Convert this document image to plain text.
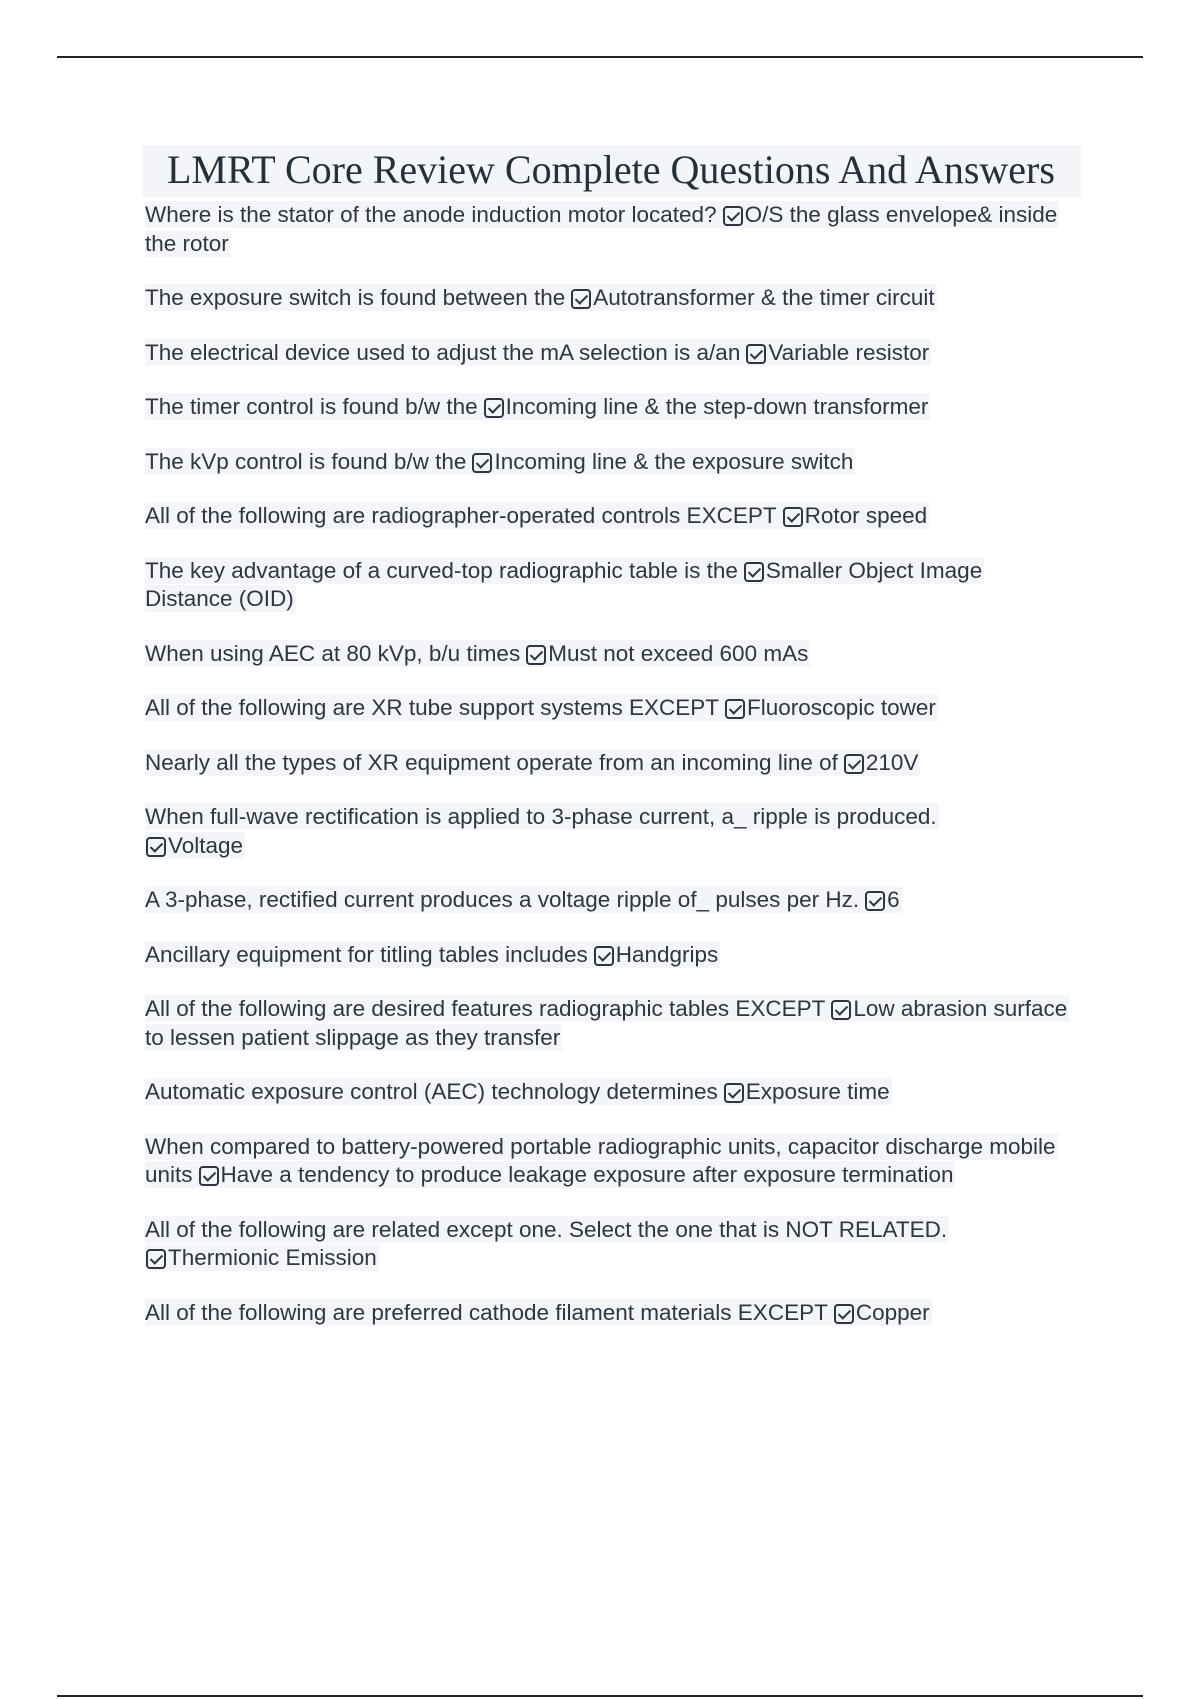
LMRT Core Review Complete Questions And Answers

Where is the stator of the anode induction motor located? O/S the glass envelope& inside the rotor

The exposure switch is found between the Autotransformer & the timer circuit

The electrical device used to adjust the mA selection is a/an Variable resistor

The timer control is found b/w the Incoming line & the step-down transformer

The kVp control is found b/w the Incoming line & the exposure switch

All of the following are radiographer-operated controls EXCEPT Rotor speed

The key advantage of a curved-top radiographic table is the Smaller Object Image Distance (OID)

When using AEC at 80 kVp, b/u times Must not exceed 600 mAs

All of the following are XR tube support systems EXCEPT Fluoroscopic tower

Nearly all the types of XR equipment operate from an incoming line of 210V

When full-wave rectification is applied to 3-phase current, a_ ripple is produced.
Voltage

A 3-phase, rectified current produces a voltage ripple of_ pulses per Hz. 6

Ancillary equipment for titling tables includes Handgrips

All of the following are desired features radiographic tables EXCEPT Low abrasion surface to lessen patient slippage as they transfer

Automatic exposure control (AEC) technology determines Exposure time

When compared to battery-powered portable radiographic units, capacitor discharge mobile units Have a tendency to produce leakage exposure after exposure termination

All of the following are related except one. Select the one that is NOT RELATED.
Thermionic Emission

All of the following are preferred cathode filament materials EXCEPT Copper
